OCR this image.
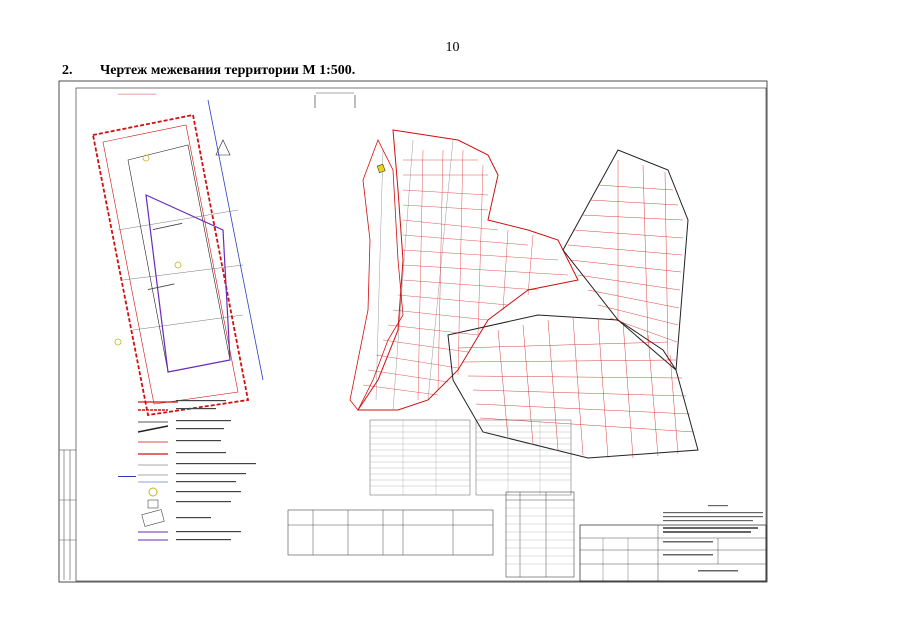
10
2. Чертеж межевания территории М 1:500.
══════════════════
▬▬▬▬▬▬▬▬▬
▬▬▬▬▬▬▬▬▬▬
